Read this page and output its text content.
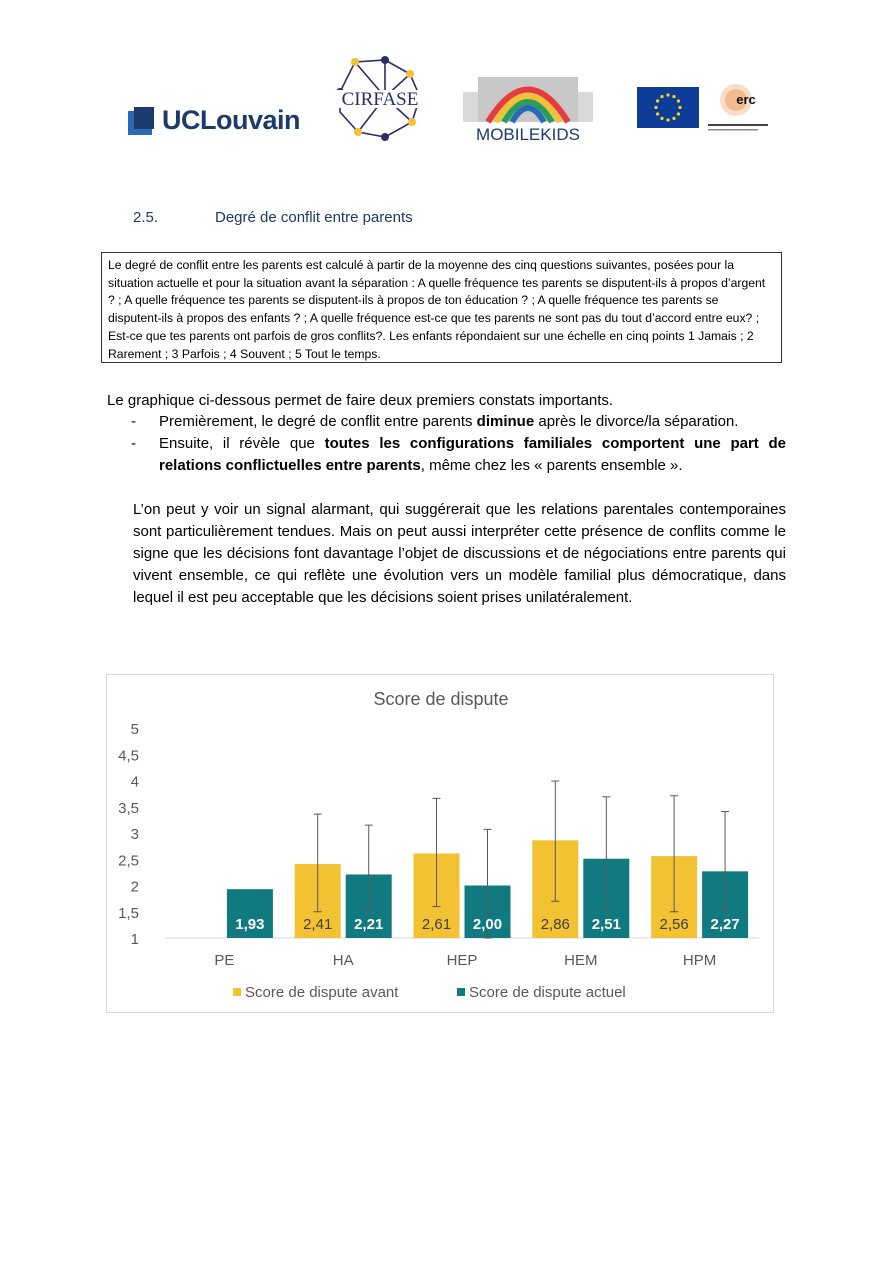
UCLouvain
CIRFASE
MOBILEKIDS
erc
2.5.	Degré de conflit entre parents
Le degré de conflit entre les parents est calculé à partir de la moyenne des cinq questions suivantes, posées pour la situation actuelle et pour la situation avant la séparation : A quelle fréquence tes parents se disputent-ils à propos d’argent ? ; A quelle fréquence tes parents se disputent-ils à propos de ton éducation ? ; A quelle fréquence tes parents se disputent-ils à propos des enfants ? ; A quelle fréquence est-ce que tes parents ne sont pas du tout d’accord entre eux? ; Est-ce que tes parents ont parfois de gros conflits?. Les enfants répondaient sur une échelle en cinq points 1 Jamais ; 2 Rarement ; 3 Parfois ; 4 Souvent ; 5 Tout le temps.
Le graphique ci-dessous permet de faire deux premiers constats importants.
-	Premièrement, le degré de conflit entre parents diminue après le divorce/la séparation.
-	Ensuite, il révèle que toutes les configurations familiales comportent une part de relations conflictuelles entre parents, même chez les « parents ensemble ».
L’on peut y voir un signal alarmant, qui suggérerait que les relations parentales contemporaines sont particulièrement tendues. Mais on peut aussi interpréter cette présence de conflits comme le signe que les décisions font davantage l’objet de discussions et de négociations entre parents qui vivent ensemble, ce qui reflète une évolution vers un modèle familial plus démocratique, dans lequel il est peu acceptable que les décisions soient prises unilatéralement.
Score de dispute
1
1,5
2
2,5
3
3,5
4
4,5
5
PE
1,93
HA
2,41 2,21
HEP
2,61 2,00
HEM
2,86 2,51
HPM
2,56 2,27
Score de dispute avant	Score de dispute actuel
